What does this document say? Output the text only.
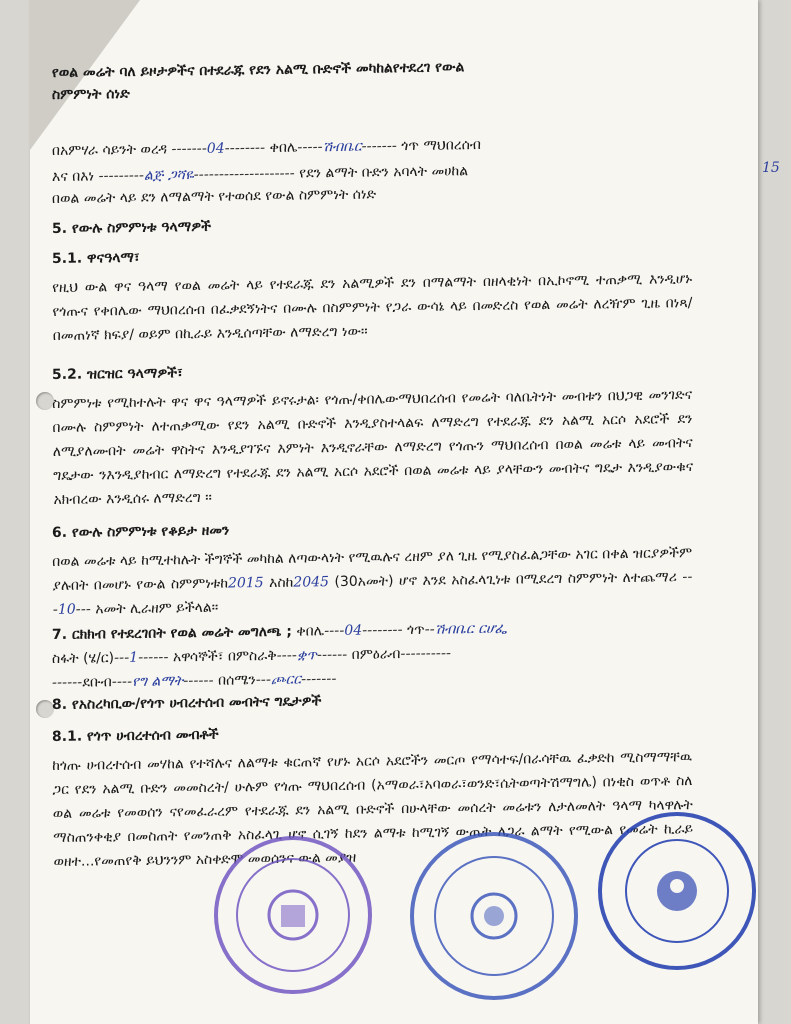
የወል መሬት ባለ ይዞታዎችና በተደራጁ የደን አልሚ ቡድኖች መካከልየተደረገ የውል
ስምምነት ሰነድ
በአምሃራ ሳይንት ወረዳ -------04-------- ቀበሌ-----ሽብቤር------- ጎጥ ማህበረሰብ
እና በእነ ---------ልጅ ጋሻዬ-------------------- የደን ልማት ቡድን አባላት መሀከል
በወል መሬት ላይ ደን ለማልማት የተወሰደ የውል ስምምነት ሰነድ
5. የውሉ ስምምነቱ ዓላማዎች
5.1. ዋናዓላማ፣
የዚህ ውል ዋና ዓላማ የወል መሬት ላይ የተደራጁ ደን አልሚዎች ደን በማልማት በዘላቂነት በኢኮኖሚ ተጠቃሚ እንዲሆኑ የጎጡና የቀበሌው ማህበረሰብ በፈቃደኝነትና በሙሉ በስምምነት የጋራ ውሳኔ ላይ በመድረስ የወል መሬት ለረዥም ጊዜ በነጻ/በመጠነኛ ክፍያ/ ወይም በኪራይ እንዲሰጣቸው ለማድረግ ነው፡፡
5.2. ዝርዝር ዓላማዎች፣
ስምምነቱ የሚከተሉት ዋና ዋና ዓላማዎች ይኖሩታል፡ የጎጡ/ቀበሌውማህበረሰብ የመሬት ባለቤትነት መብቱን በህጋዊ መንገድና በሙሉ ስምምነት ለተጠቃሚው የደን አልሚ ቡድኖች እንዲያስተላልፍ ለማድረግ የተደራጁ ደን አልሚ አርሶ አደሮች ደን ለሚያለሙበት መሬት ዋስትና እንዲያገኙና እምነት እንዲኖራቸው ለማድረግ የጎጡን ማህበረሰብ በወል መሬቱ ላይ መብትና ግዴታው ንእንዲያከብር ለማድረግ የተደራጁ ደን አልሚ አርሶ አደሮች በወል መሬቱ ላይ ያላቸውን መብትና ግዴታ እንዲያውቁና አክብረው እንዲሰሩ ለማድረግ ፡፡
6. የውሉ ስምምነቱ የቆይታ ዘመን
በወል መሬቱ ላይ ከሚተከሉት ችግኞች መካከል ለጣውላነት የሚዉሉና ረዘም ያለ ጊዜ የሚያስፈልጋቸው አገር በቀል ዝርያዎችም ያሉበት በመሆኑ የውል ስምምነቱከ2015 እስከ2045 (30አመት) ሆኖ እንደ አስፈላጊነቱ በሚደረግ ስምምነት ለተጨማሪ ---10--- አመት ሊራዘም ይችላል፡፡
7. ርክክብ የተደረገበት የወል መሬት መግለጫ ; ቀበሌ----04-------- ጎጥ--ሽብቤር ርሆፌ
ስፋት (ሄ/ር)---1------ አዋሳኞች፣ በምስራቅ----ቋጥ------ በምዕራብ----------
------ደቡብ----የግ ልማት------ በሰሜን---ጮርር-------
8. የአስረካቢው/የጎጥ ሀብረተሰብ መብትና ግዴታዎች
8.1. የጎጥ ሀብረተሰብ መብቶች
ከጎጡ ሀብረተሰብ መሃከል የተሻሉና ለልማቱ ቁርጠኛ የሆኑ አርሶ አደሮችን መርጦ የማሳተፍ/በራሳቸዉ ፈቃድከ ሚስማማቸዉ ጋር የደን አልሚ ቡድን መመስረት/ ሁሉም የጎጡ ማህበረሰብ (አማወራ፣አባወራ፣ወንድ፣ሴትወጣትሽማግሌ) በነቂስ ወጥቶ ስለ ወል መሬቱ የመወሰን ናየመፈራረም የተደራጁ ደን አልሚ ቡድኖች በሁላቸው መሰረት መሬቱን ለታለመለት ዓላማ ካላዋሉት ማስጠንቀቂያ በመስጠት የመንጠቅ አስፈላጊ ሆኖ ሲገኝ ከደን ልማቱ ከሚገኝ ውጤት ለጋራ ልማት የሚውል የመሬት ኪራይ ወዘተ...የመጠየቅ ይህንንም አስቀድሞ መወሰንና ውል መያዝ
15
